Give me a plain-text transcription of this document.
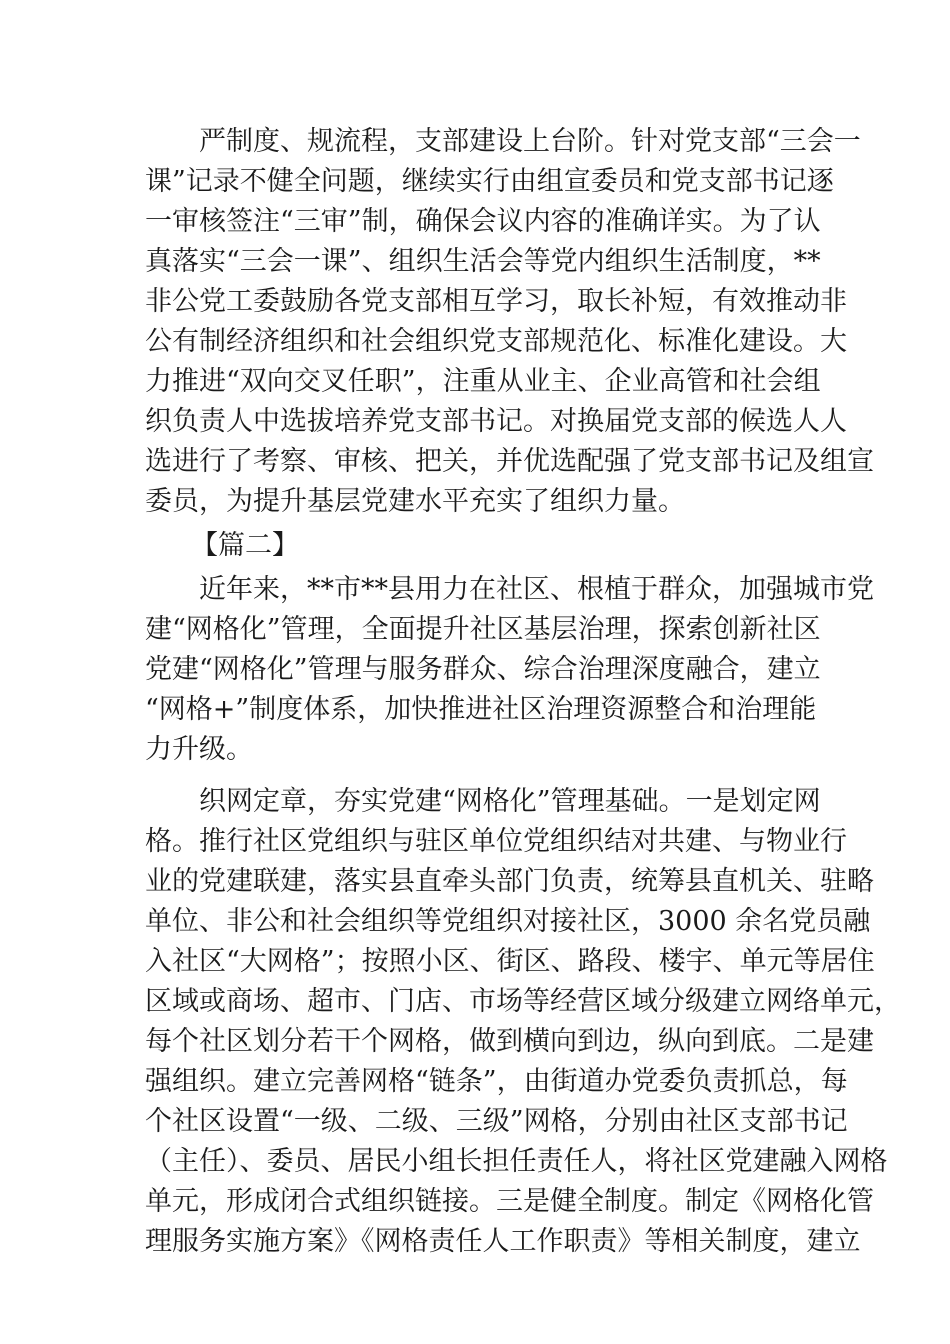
严制度、规流程，支部建设上台阶。针对党支部“三会一
课”记录不健全问题，继续实行由组宣委员和党支部书记逐
一审核签注“三审”制，确保会议内容的准确详实。为了认
真落实“三会一课”、组织生活会等党内组织生活制度，**
非公党工委鼓励各党支部相互学习，取长补短，有效推动非
公有制经济组织和社会组织党支部规范化、标准化建设。大
力推进“双向交叉任职”，注重从业主、企业高管和社会组
织负责人中选拔培养党支部书记。对换届党支部的候选人人
选进行了考察、审核、把关，并优选配强了党支部书记及组宣
委员，为提升基层党建水平充实了组织力量。

【篇二】

近年来，**市**县用力在社区、根植于群众，加强城市党
建“网格化”管理，全面提升社区基层治理，探索创新社区
党建“网格化”管理与服务群众、综合治理深度融合，建立
“网格+”制度体系，加快推进社区治理资源整合和治理能
力升级。

织网定章，夯实党建“网格化”管理基础。一是划定网
格。推行社区党组织与驻区单位党组织结对共建、与物业行
业的党建联建，落实县直牵头部门负责，统筹县直机关、驻略
单位、非公和社会组织等党组织对接社区，3000 余名党员融
入社区“大网格”；按照小区、街区、路段、楼宇、单元等居住
区域或商场、超市、门店、市场等经营区域分级建立网络单元，
每个社区划分若干个网格，做到横向到边，纵向到底。二是建
强组织。建立完善网格“链条”，由街道办党委负责抓总，每
个社区设置“一级、二级、三级”网格，分别由社区支部书记
（主任）、委员、居民小组长担任责任人，将社区党建融入网格
单元，形成闭合式组织链接。三是健全制度。制定《网格化管
理服务实施方案》《网格责任人工作职责》等相关制度，建立
